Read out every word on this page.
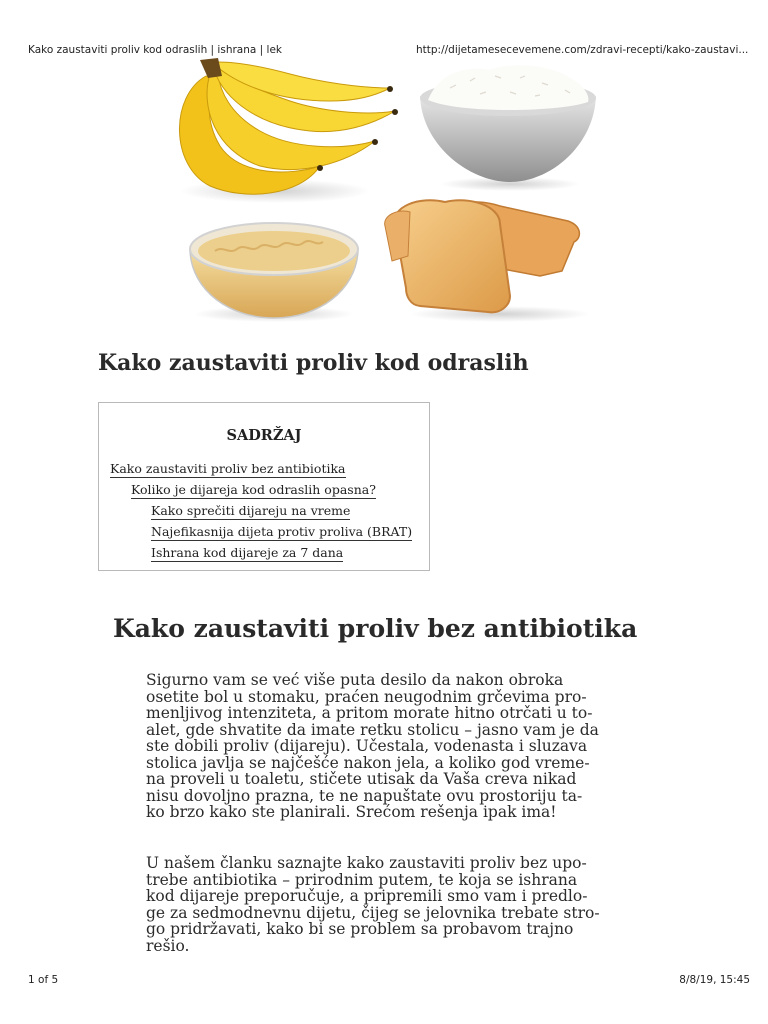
Kako zaustaviti proliv kod odraslih | ishrana | lek	http://dijetamesecevemene.com/zdravi-recepti/kako-zaustavi...
Kako zaustaviti proliv kod odraslih
SADRŽAJ
Kako zaustaviti proliv bez antibiotika
Koliko je dijareja kod odraslih opasna?
Kako sprečiti dijareju na vreme
Najefikasnija dijeta protiv proliva (BRAT)
Ishrana kod dijareje za 7 dana
Kako zaustaviti proliv bez antibiotika

Sigurno vam se već više puta desilo da nakon obroka
osetite bol u stomaku, praćen neugodnim grčevima pro-
menljivog intenziteta, a pritom morate hitno otrčati u to-
alet, gde shvatite da imate retku stolicu – jasno vam je da
ste dobili proliv (dijareju). Učestala, vodenasta i sluzava
stolica javlja se najčešće nakon jela, a koliko god vreme-
na proveli u toaletu, stičete utisak da Vaša creva nikad
nisu dovoljno prazna, te ne napuštate ovu prostoriju ta-
ko brzo kako ste planirali. Srećom rešenja ipak ima!

U našem članku saznajte kako zaustaviti proliv bez upo-
trebe antibiotika – prirodnim putem, te koja se ishrana
kod dijareje preporučuje, a pripremili smo vam i predlo-
ge za sedmodnevnu dijetu, čijeg se jelovnika trebate stro-
go pridržavati, kako bi se problem sa probavom trajno
rešio.

1 of 5	8/8/19, 15:45
